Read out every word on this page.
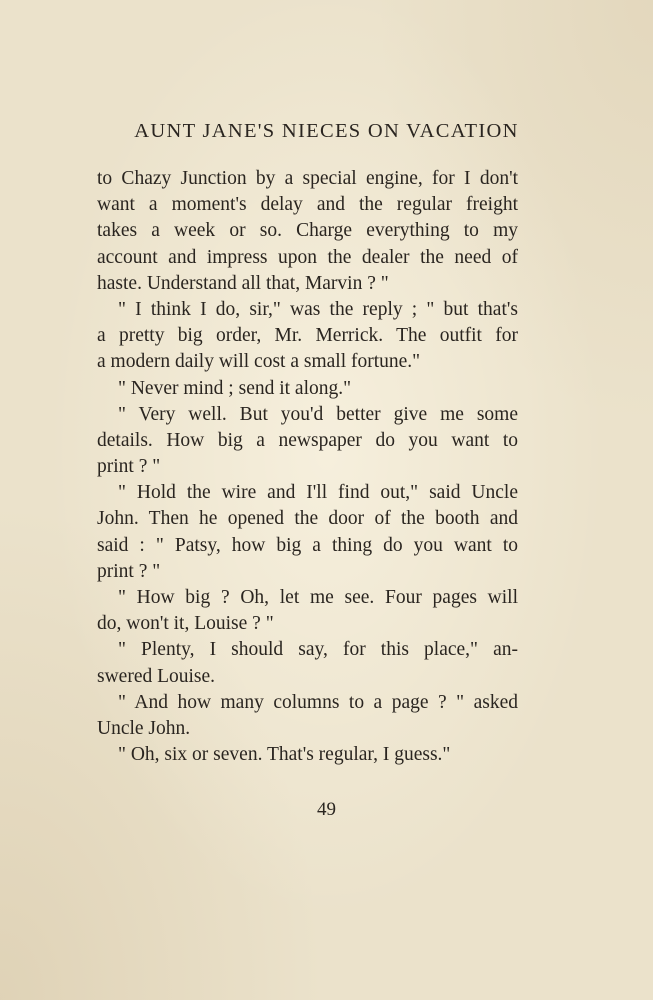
AUNT JANE'S NIECES ON VACATION
to Chazy Junction by a special engine, for I don't
want a moment's delay and the regular freight
takes a week or so. Charge everything to my
account and impress upon the dealer the need of
haste. Understand all that, Marvin ? "
" I think I do, sir," was the reply ; " but that's
a pretty big order, Mr. Merrick. The outfit for
a modern daily will cost a small fortune."
" Never mind ; send it along."
" Very well. But you'd better give me some
details. How big a newspaper do you want to
print ? "
" Hold the wire and I'll find out," said Uncle
John. Then he opened the door of the booth and
said : " Patsy, how big a thing do you want to
print ? "
" How big ? Oh, let me see. Four pages will
do, won't it, Louise ? "
" Plenty, I should say, for this place," an-
swered Louise.
" And how many columns to a page ? " asked
Uncle John.
" Oh, six or seven. That's regular, I guess."
49
